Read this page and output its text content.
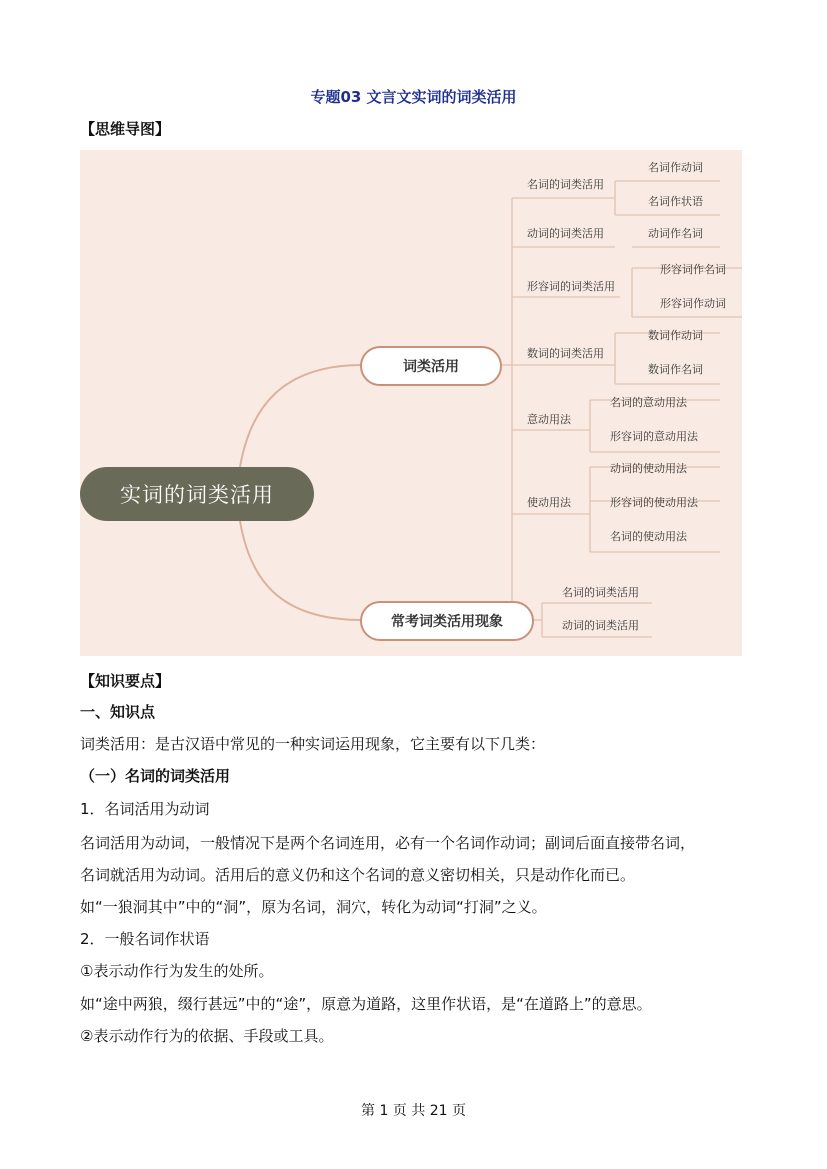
专题03 文言文实词的词类活用
【思维导图】
实词的词类活用
词类活用
常考词类活用现象
名词的词类活用
名词作动词
名词作状语
动词的词类活用	动词作名词
形容词的词类活用
形容词作名词
形容词作动词
数词的词类活用
数词作动词
数词作名词
意动用法
名词的意动用法
形容词的意动用法
使动用法
动词的使动用法
形容词的使动用法
名词的使动用法
名词的词类活用
动词的词类活用
【知识要点】
一、知识点
词类活用：是古汉语中常见的一种实词运用现象，它主要有以下几类：
（一）名词的词类活用
1．名词活用为动词
名词活用为动词，一般情况下是两个名词连用，必有一个名词作动词；副词后面直接带名词，
名词就活用为动词。活用后的意义仍和这个名词的意义密切相关，只是动作化而已。
如“一狼洞其中”中的“洞”，原为名词，洞穴，转化为动词“打洞”之义。
2．一般名词作状语
①表示动作行为发生的处所。
如“途中两狼，缀行甚远”中的“途”，原意为道路，这里作状语，是“在道路上”的意思。
②表示动作行为的依据、手段或工具。
第 1 页 共 21 页
